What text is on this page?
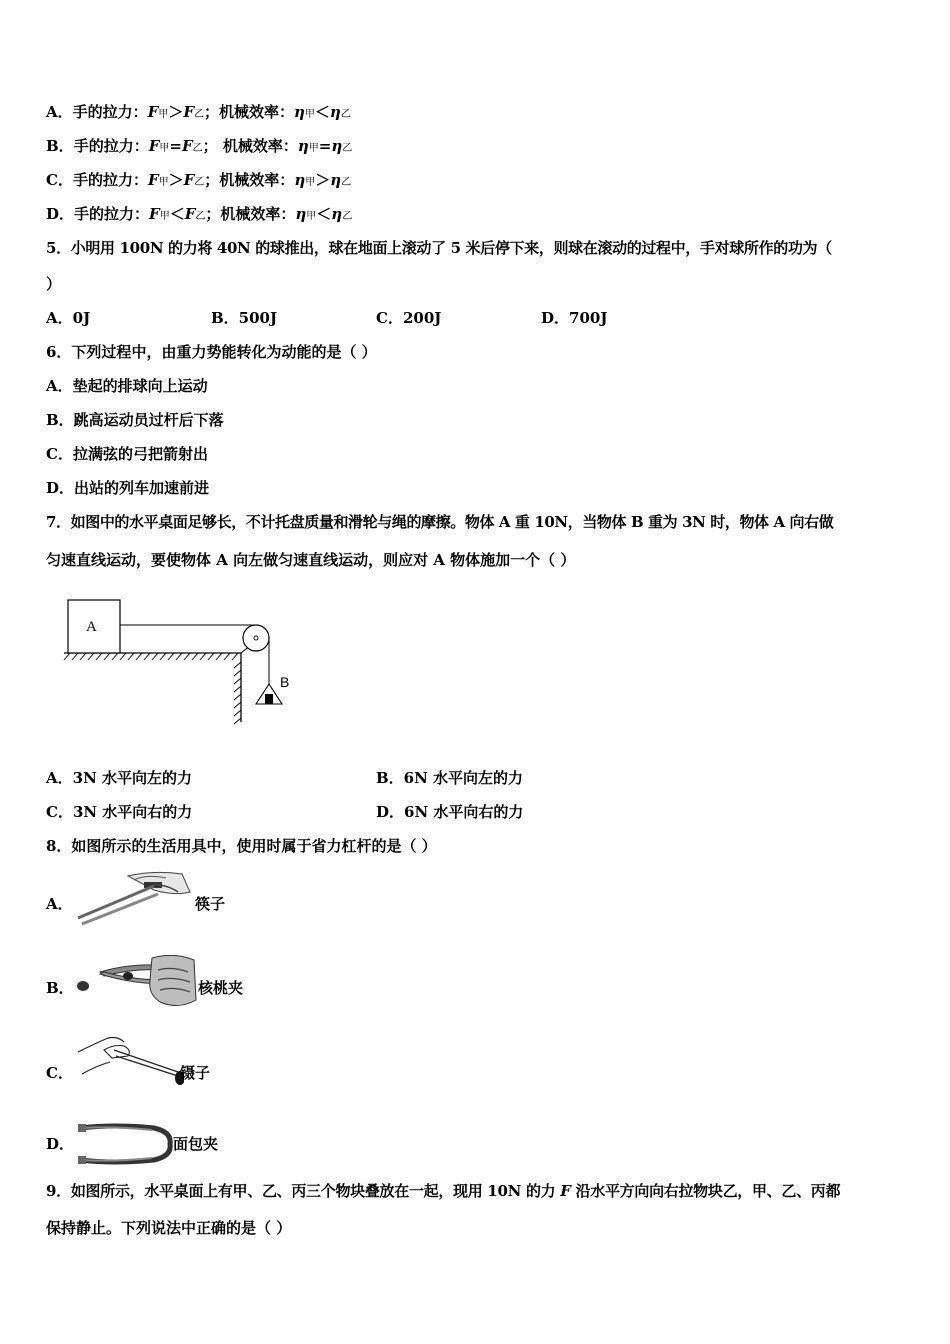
A．手的拉力：F甲＞F乙；机械效率：η甲＜η乙
B．手的拉力：F甲=F乙； 机械效率：η甲=η乙
C．手的拉力：F甲＞F乙；机械效率：η甲＞η乙
D．手的拉力：F甲＜F乙；机械效率：η甲＜η乙
5．小明用 100N 的力将 40N 的球推出，球在地面上滚动了 5 米后停下来，则球在滚动的过程中，手对球所作的功为（
）
A．0J	B．500J	C．200J	D．700J
6．下列过程中，由重力势能转化为动能的是（ ）
A．垫起的排球向上运动
B．跳高运动员过杆后下落
C．拉满弦的弓把箭射出
D．出站的列车加速前进
7．如图中的水平桌面足够长，不计托盘质量和滑轮与绳的摩擦。物体 A 重 10N，当物体 B 重为 3N 时，物体 A 向右做
匀速直线运动，要使物体 A 向左做匀速直线运动，则应对 A 物体施加一个（ ）
A
B
A．3N 水平向左的力	B．6N 水平向左的力
C．3N 水平向右的力	D．6N 水平向右的力
8．如图所示的生活用具中，使用时属于省力杠杆的是（ ）
A．	筷子
B．	核桃夹
C．	镊子
D．	面包夹
9．如图所示，水平桌面上有甲、乙、丙三个物块叠放在一起，现用 10N 的力 F 沿水平方向向右拉物块乙，甲、乙、丙都
保持静止。下列说法中正确的是（ ）
